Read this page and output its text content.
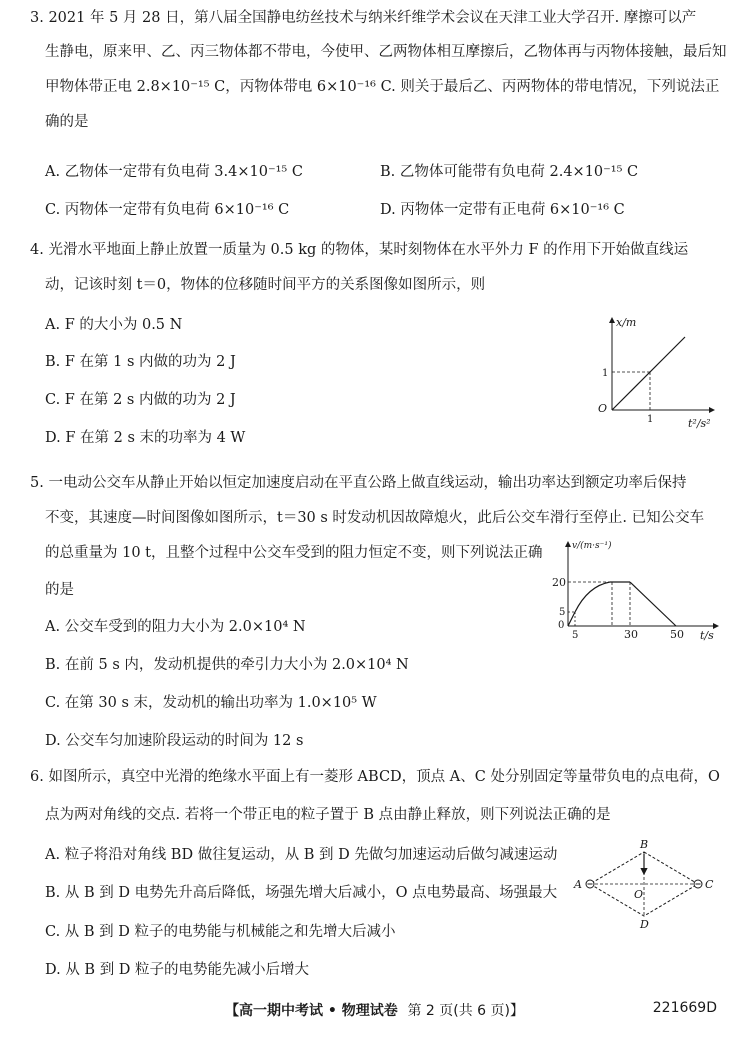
3. 2021 年 5 月 28 日，第八届全国静电纺丝技术与纳米纤维学术会议在天津工业大学召开. 摩擦可以产
生静电，原来甲、乙、丙三物体都不带电，今使甲、乙两物体相互摩擦后，乙物体再与丙物体接触，最后知
甲物体带正电 2.8×10⁻¹⁵ C，丙物体带电 6×10⁻¹⁶ C. 则关于最后乙、丙两物体的带电情况，下列说法正
确的是
A. 乙物体一定带有负电荷 3.4×10⁻¹⁵ C	B. 乙物体可能带有负电荷 2.4×10⁻¹⁵ C
C. 丙物体一定带有负电荷 6×10⁻¹⁶ C	D. 丙物体一定带有正电荷 6×10⁻¹⁶ C
4. 光滑水平地面上静止放置一质量为 0.5 kg 的物体，某时刻物体在水平外力 F 的作用下开始做直线运
动，记该时刻 t＝0，物体的位移随时间平方的关系图像如图所示，则
A. F 的大小为 0.5 N
B. F 在第 1 s 内做的功为 2 J
C. F 在第 2 s 内做的功为 2 J
D. F 在第 2 s 末的功率为 4 W
x/m
t²/s²
O
1
1
5. 一电动公交车从静止开始以恒定加速度启动在平直公路上做直线运动，输出功率达到额定功率后保持
不变，其速度—时间图像如图所示，t＝30 s 时发动机因故障熄火，此后公交车滑行至停止. 已知公交车
的总重量为 10 t，且整个过程中公交车受到的阻力恒定不变，则下列说法正确
的是
A. 公交车受到的阻力大小为 2.0×10⁴ N
B. 在前 5 s 内，发动机提供的牵引力大小为 2.0×10⁴ N
C. 在第 30 s 末，发动机的输出功率为 1.0×10⁵ W
D. 公交车匀加速阶段运动的时间为 12 s
v/(m·s⁻¹)
t/s
0
20
5
5	30	50
6. 如图所示，真空中光滑的绝缘水平面上有一菱形 ABCD，顶点 A、C 处分别固定等量带负电的点电荷，O
点为两对角线的交点. 若将一个带正电的粒子置于 B 点由静止释放，则下列说法正确的是
A. 粒子将沿对角线 BD 做往复运动，从 B 到 D 先做匀加速运动后做匀减速运动
B. 从 B 到 D 电势先升高后降低，场强先增大后减小，O 点电势最高、场强最大
C. 从 B 到 D 粒子的电势能与机械能之和先增大后减小
D. 从 B 到 D 粒子的电势能先减小后增大
A
B
C
D
O
【高一期中考试 • 物理试卷 第 2 页(共 6 页)】	221669D
